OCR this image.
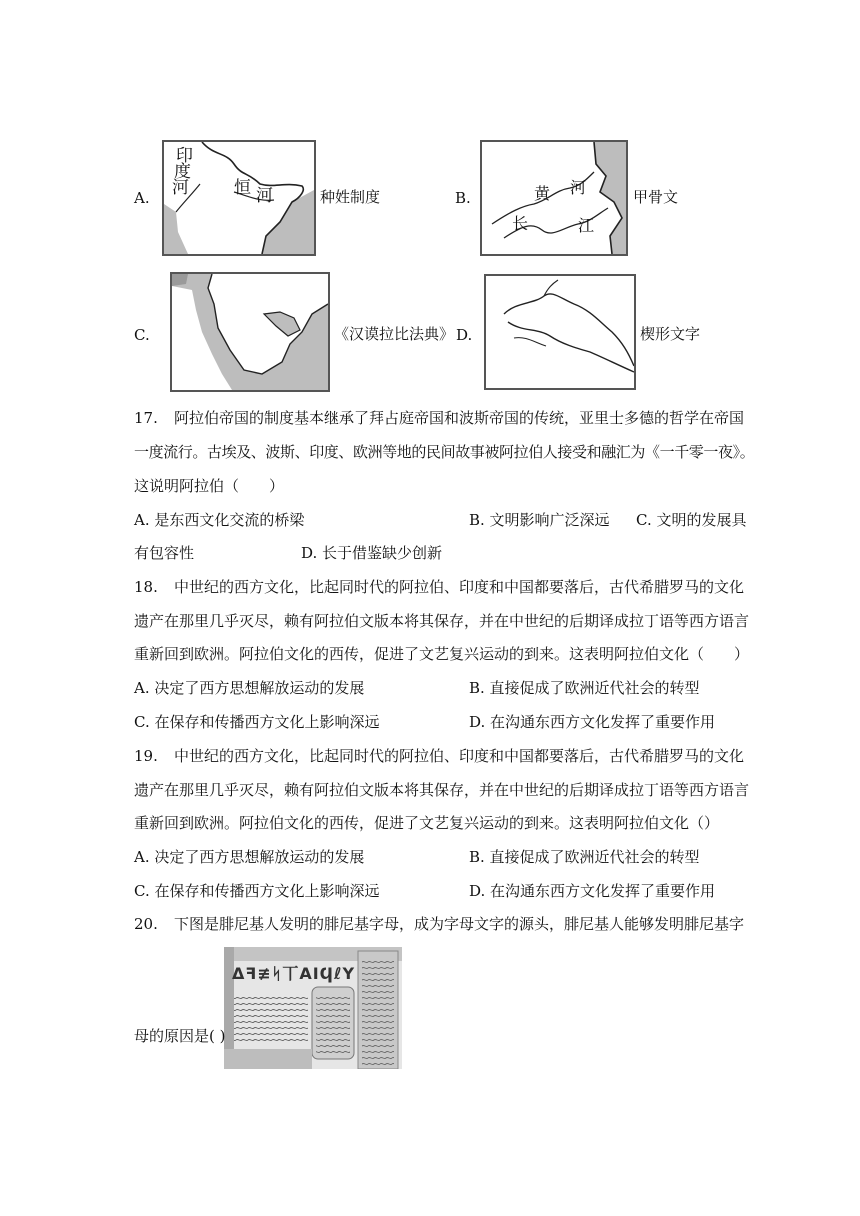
A.
印
度
河	恒 河	种姓制度	B.	黄 河
长	江
甲骨文
C.	《汉谟拉比法典》 D.	楔形文字
17. 阿拉伯帝国的制度基本继承了拜占庭帝国和波斯帝国的传统，亚里士多德的哲学在帝国
一度流行。古埃及、波斯、印度、欧洲等地的民间故事被阿拉伯人接受和融汇为《一千零一夜》。
这说明阿拉伯（　　）
A. 是东西文化交流的桥梁	B. 文明影响广泛深远 C. 文明的发展具
有包容性	D. 长于借鉴缺少创新
18. 中世纪的西方文化，比起同时代的阿拉伯、印度和中国都要落后，古代希腊罗马的文化
遗产在那里几乎灭尽，赖有阿拉伯文版本将其保存，并在中世纪的后期译成拉丁语等西方语言
重新回到欧洲。阿拉伯文化的西传，促进了文艺复兴运动的到来。这表明阿拉伯文化（　　）
A. 决定了西方思想解放运动的发展	B. 直接促成了欧洲近代社会的转型
C. 在保存和传播西方文化上影响深远	D. 在沟通东西方文化发挥了重要作用
19. 中世纪的西方文化，比起同时代的阿拉伯、印度和中国都要落后，古代希腊罗马的文化
遗产在那里几乎灭尽，赖有阿拉伯文版本将其保存，并在中世纪的后期译成拉丁语等西方语言
重新回到欧洲。阿拉伯文化的西传，促进了文艺复兴运动的到来。这表明阿拉伯文化（）
A. 决定了西方思想解放运动的发展	B. 直接促成了欧洲近代社会的转型
C. 在保存和传播西方文化上影响深远	D. 在沟通东西方文化发挥了重要作用
20. 下图是腓尼基人发明的腓尼基字母，成为字母文字的源头，腓尼基人能够发明腓尼基字
Δꟻ≢ᛋ丅ΑΙϤℓΥ
母的原因是( )
